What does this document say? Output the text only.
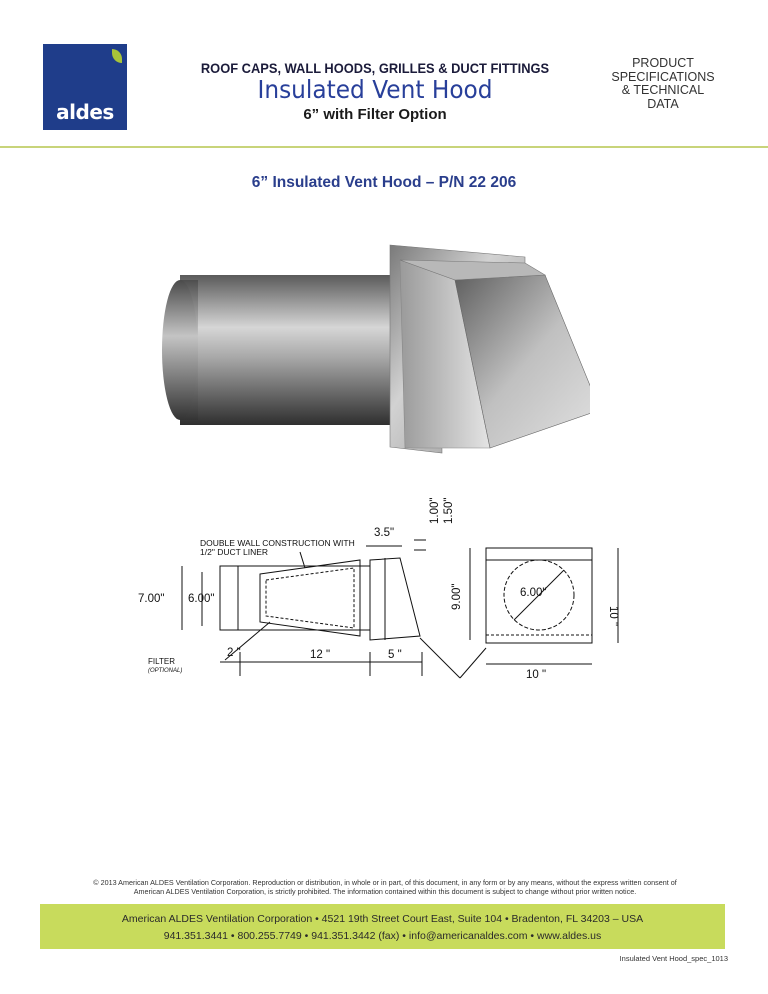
aldes
ROOF CAPS, WALL HOODS, GRILLES & DUCT FITTINGS
Insulated Vent Hood
6” with Filter Option
PRODUCT
SPECIFICATIONS
& TECHNICAL
DATA
6” Insulated Vent Hood – P/N 22 206
DOUBLE WALL CONSTRUCTION WITH
1/2" DUCT LINER
7.00" 6.00"
3.5"
1.00" 1.50"
9.00"	6.00"
10 "
10 "
2 "	12 "	5 "
FILTER
(OPTIONAL)
© 2013 American ALDES Ventilation Corporation. Reproduction or distribution, in whole or in part, of this document, in any form or by any means, without the express written consent of
American ALDES Ventilation Corporation, is strictly prohibited. The information contained within this document is subject to change without prior written notice.
American ALDES Ventilation Corporation • 4521 19th Street Court East, Suite 104 • Bradenton, FL 34203 – USA
941.351.3441 • 800.255.7749 • 941.351.3442 (fax) • info@americanaldes.com • www.aldes.us
Insulated Vent Hood_spec_1013
